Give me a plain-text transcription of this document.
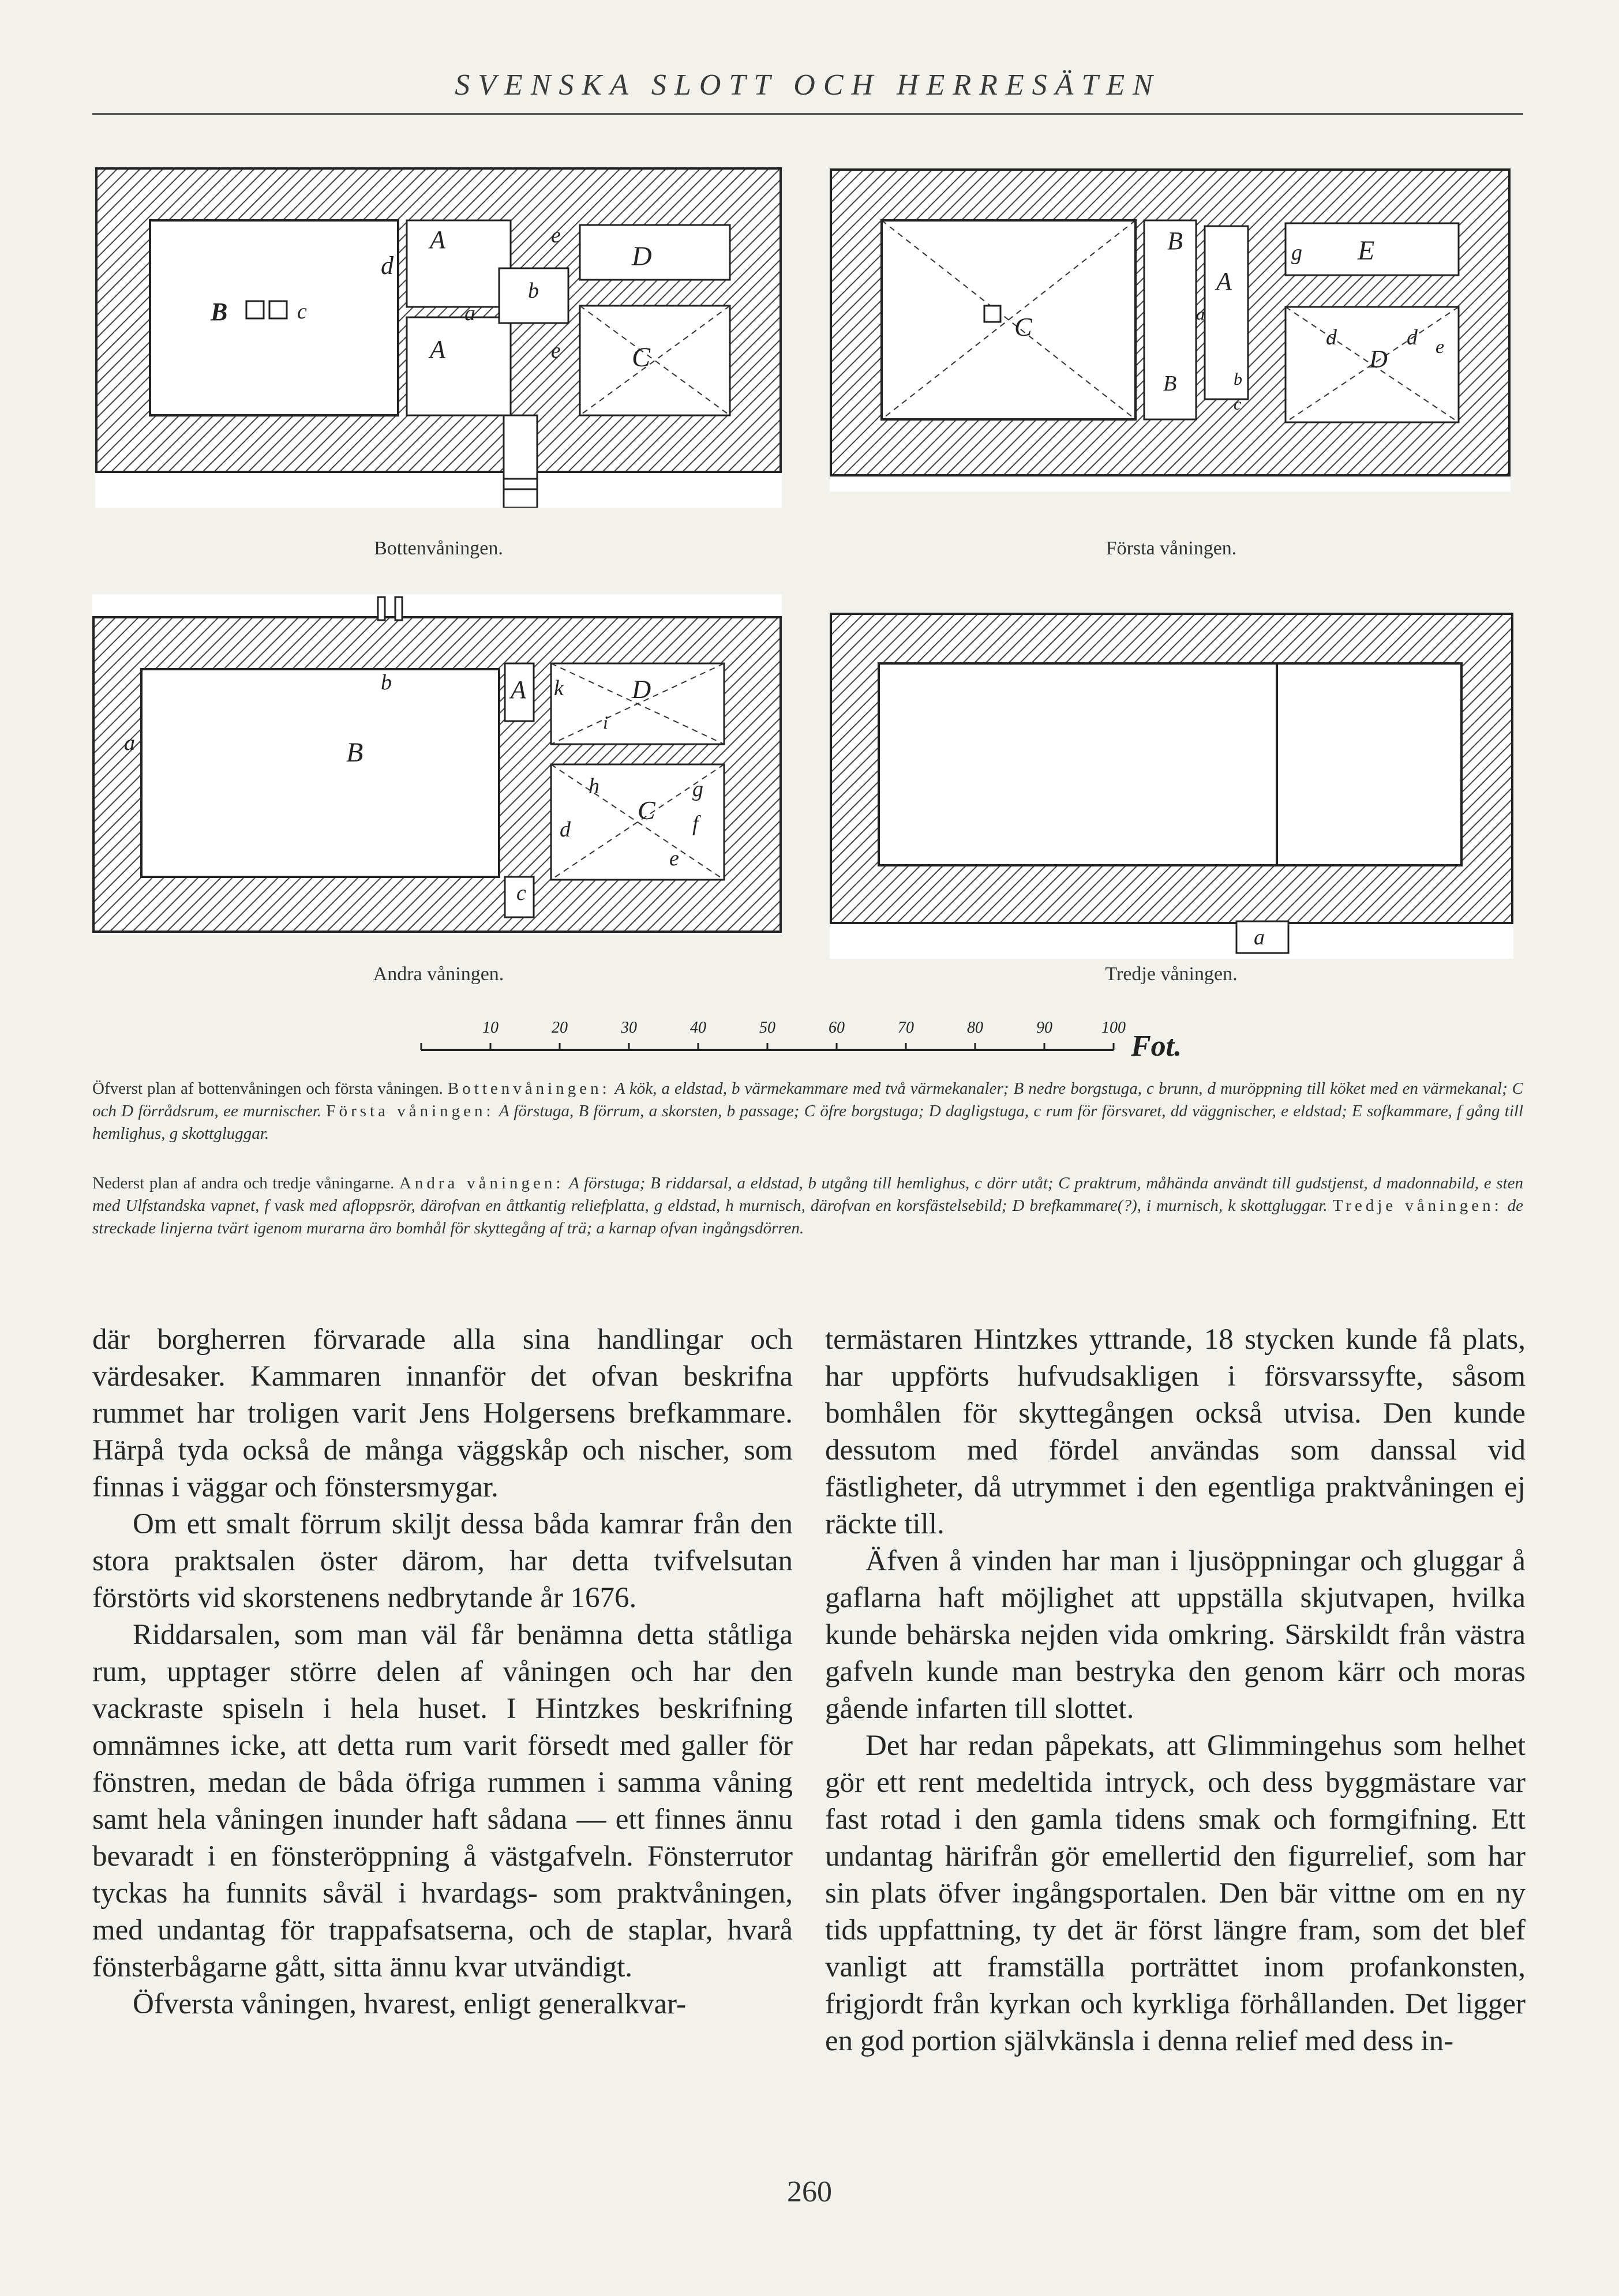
SVENSKA SLOTT OCH HERRESÄTEN
B	c
d
A
a
A
b
e
e
D
C
Bottenvåningen.
C
B
B
A
a
b
c
g E
d
D
d e
Första våningen.
a
b
B
A k	D
i
h
C
g
f
d
e
c
Andra våningen.
a
Tredje våningen.
10	20	30	40	50	60	70	80	90	100
Fot.
Öfverst plan af bottenvåningen och första våningen. Bottenvåningen: A kök, a eldstad, b värmekammare med två värmekanaler; B nedre borgstuga, c brunn, d muröppning till köket med en värmekanal; C och D förrådsrum, ee murnischer. Första våningen: A förstuga, B förrum, a skorsten, b passage; C öfre borgstuga; D dagligstuga, c rum för försvaret, dd väggnischer, e eldstad; E sofkammare, f gång till hemlighus, g skottgluggar.
Nederst plan af andra och tredje våningarne. Andra våningen: A förstuga; B riddarsal, a eldstad, b utgång till hemlighus, c dörr utåt; C praktrum, måhända användt till gudstjenst, d madonnabild, e sten med Ulfstandska vapnet, f vask med afloppsrör, därofvan en åttkantig reliefplatta, g eldstad, h murnisch, därofvan en korsfästelsebild; D brefkammare(?), i murnisch, k skottgluggar. Tredje våningen: de streckade linjerna tvärt igenom murarna äro bomhål för skyttegång af trä; a karnap ofvan ingångsdörren.

där borgherren förvarade alla sina handlingar och värdesaker. Kammaren innanför det ofvan beskrifna rummet har troligen varit Jens Holgersens brefkammare. Härpå tyda också de många väggskåp och nischer, som finnas i väggar och fönstersmygar.

Om ett smalt förrum skiljt dessa båda kamrar från den stora praktsalen öster därom, har detta tvifvelsutan förstörts vid skorstenens nedbrytande år 1676.

Riddarsalen, som man väl får benämna detta ståtliga rum, upptager större delen af våningen och har den vackraste spiseln i hela huset. I Hintzkes beskrifning omnämnes icke, att detta rum varit försedt med galler för fönstren, medan de båda öfriga rummen i samma våning samt hela våningen inunder haft sådana — ett finnes ännu bevaradt i en fönsteröppning å västgafveln. Fönsterrutor tyckas ha funnits såväl i hvardags- som praktvåningen, med undantag för trappafsatserna, och de staplar, hvarå fönsterbågarne gått, sitta ännu kvar utvändigt.

Öfversta våningen, hvarest, enligt generalkvar-

termästaren Hintzkes yttrande, 18 stycken kunde få plats, har uppförts hufvudsakligen i försvarssyfte, såsom bomhålen för skyttegången också utvisa. Den kunde dessutom med fördel användas som danssal vid fästligheter, då utrymmet i den egentliga praktvåningen ej räckte till.

Äfven å vinden har man i ljusöppningar och gluggar å gaflarna haft möjlighet att uppställa skjutvapen, hvilka kunde behärska nejden vida omkring. Särskildt från västra gafveln kunde man bestryka den genom kärr och moras gående infarten till slottet.

Det har redan påpekats, att Glimmingehus som helhet gör ett rent medeltida intryck, och dess byggmästare var fast rotad i den gamla tidens smak och formgifning. Ett undantag härifrån gör emellertid den figurrelief, som har sin plats öfver ingångsportalen. Den bär vittne om en ny tids uppfattning, ty det är först längre fram, som det blef vanligt att framställa porträttet inom profankonsten, frigjordt från kyrkan och kyrkliga förhållanden. Det ligger en god portion självkänsla i denna relief med dess in-

260
